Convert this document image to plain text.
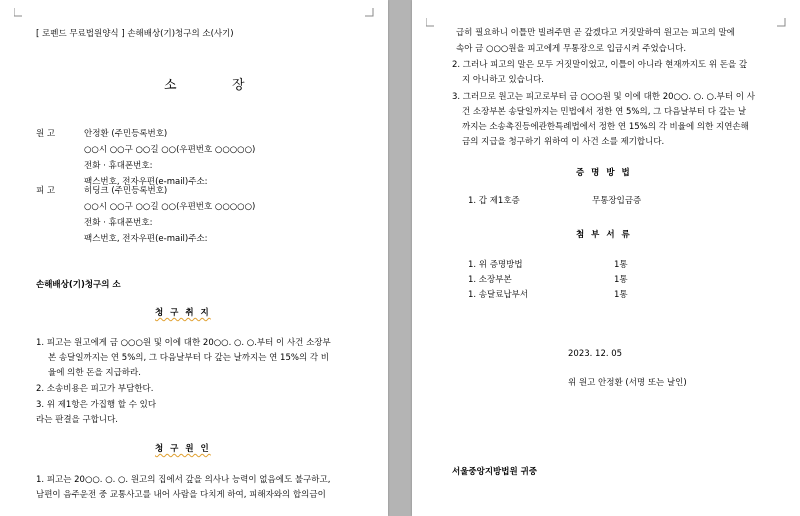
[ 로펜드 무료법원양식 ] 손해배상(기)청구의 소(사기)
소	장
원 고	안정환 (주민등록번호)
○○시 ○○구 ○○길 ○○(우편번호 ○○○○○)
전화 · 휴대폰번호:
팩스번호, 전자우편(e-mail)주소:
피 고	히딩크 (주민등록번호)
○○시 ○○구 ○○길 ○○(우편번호 ○○○○○)
전화 · 휴대폰번호:
팩스번호, 전자우편(e-mail)주소:
손해배상(기)청구의 소
청 구 취 지
1. 피고는 원고에게 금 ○○○원 및 이에 대한 20○○. ○. ○.부터 이 사건 소장부
본 송달일까지는 연 5%의, 그 다음날부터 다 갚는 날까지는 연 15%의 각 비
율에 의한 돈을 지급하라.
2. 소송비용은 피고가 부담한다.
3. 위 제1항은 가집행 할 수 있다
라는 판결을 구합니다.
청 구 원 인
1. 피고는 20○○. ○. ○. 원고의 집에서 갚을 의사나 능력이 없음에도 불구하고,
남편이 음주운전 중 교통사고를 내어 사람을 다치게 하여, 피해자와의 합의금이
급히 필요하니 이틀만 빌려주면 곧 갚겠다고 거짓말하여 원고는 피고의 말에
속아 금 ○○○원을 피고에게 무통장으로 입금시켜 주었습니다.
2. 그러나 피고의 말은 모두 거짓말이었고, 이틀이 아니라 현재까지도 위 돈을 갚
지 아니하고 있습니다.
3. 그러므로 원고는 피고로부터 금 ○○○원 및 이에 대한 20○○. ○. ○.부터 이 사
건 소장부본 송달일까지는 민법에서 정한 연 5%의, 그 다음날부터 다 갚는 날
까지는 소송촉진등에관한특례법에서 정한 연 15%의 각 비율에 의한 지연손해
금의 지급을 청구하기 위하여 이 사건 소를 제기합니다.
증 명 방 법
1. 갑 제1호증	무통장입금증
첨 부 서 류
1. 위 증명방법	1통
1. 소장부본	1통
1. 송달료납부서	1통
2023. 12. 05
위 원고 안정환 (서명 또는 날인)
서울중앙지방법원 귀중
